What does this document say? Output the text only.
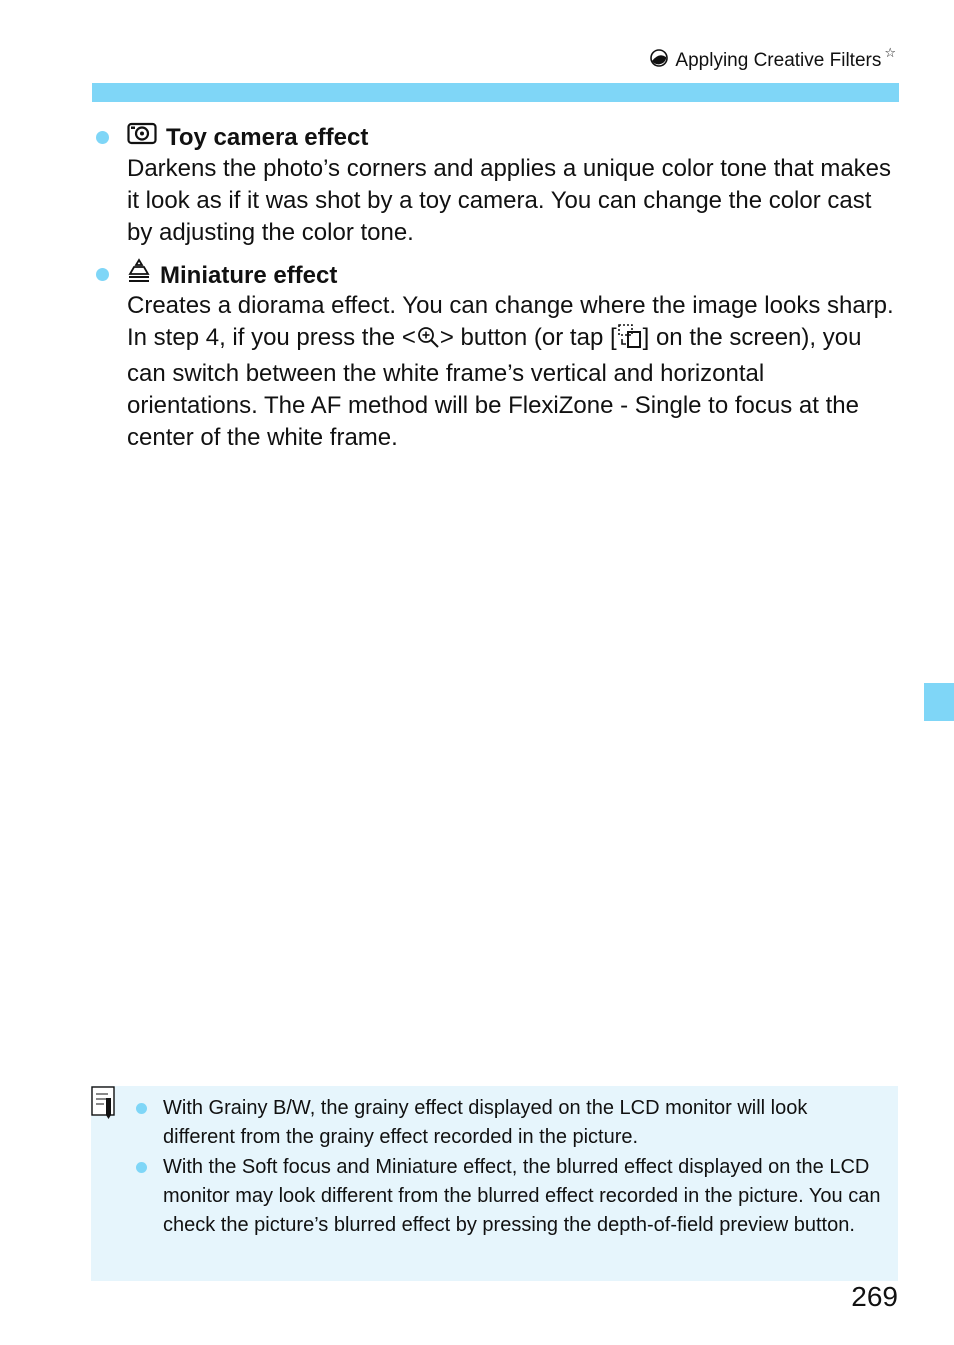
Applying Creative Filters ☆
Toy camera effect

Darkens the photo’s corners and applies a unique color tone that makes it look as if it was shot by a toy camera. You can change the color cast by adjusting the color tone.

Miniature effect

Creates a diorama effect. You can change where the image looks sharp. In step 4, if you press the < > button (or tap [ ] on the screen), you can switch between the white frame’s vertical and horizontal orientations. The AF method will be FlexiZone - Single to focus at the center of the white frame.

With Grainy B/W, the grainy effect displayed on the LCD monitor will look different from the grainy effect recorded in the picture.
With the Soft focus and Miniature effect, the blurred effect displayed on the LCD monitor may look different from the blurred effect recorded in the picture. You can check the picture’s blurred effect by pressing the depth-of-field preview button.
269
